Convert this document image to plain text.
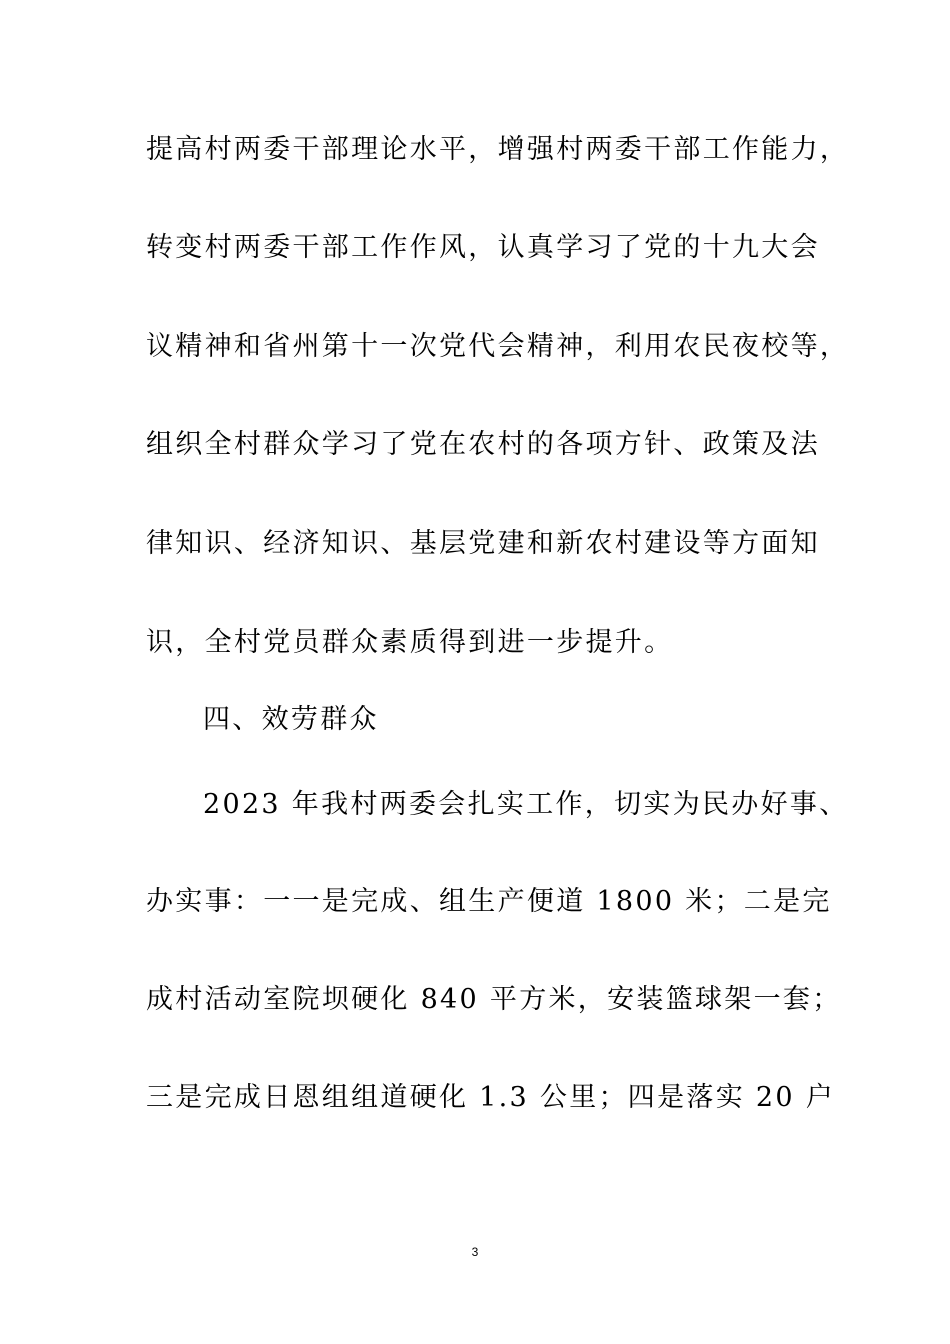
提高村两委干部理论水平，增强村两委干部工作能力，
转变村两委干部工作作风，认真学习了党的十九大会
议精神和省州第十一次党代会精神，利用农民夜校等，
组织全村群众学习了党在农村的各项方针、政策及法
律知识、经济知识、基层党建和新农村建设等方面知
识，全村党员群众素质得到进一步提升。
四、效劳群众
2023 年我村两委会扎实工作，切实为民办好事、
办实事：一一是完成、组生产便道 1800 米；二是完
成村活动室院坝硬化 840 平方米，安装篮球架一套；
三是完成日恩组组道硬化 1.3 公里；四是落实 20 户
3
